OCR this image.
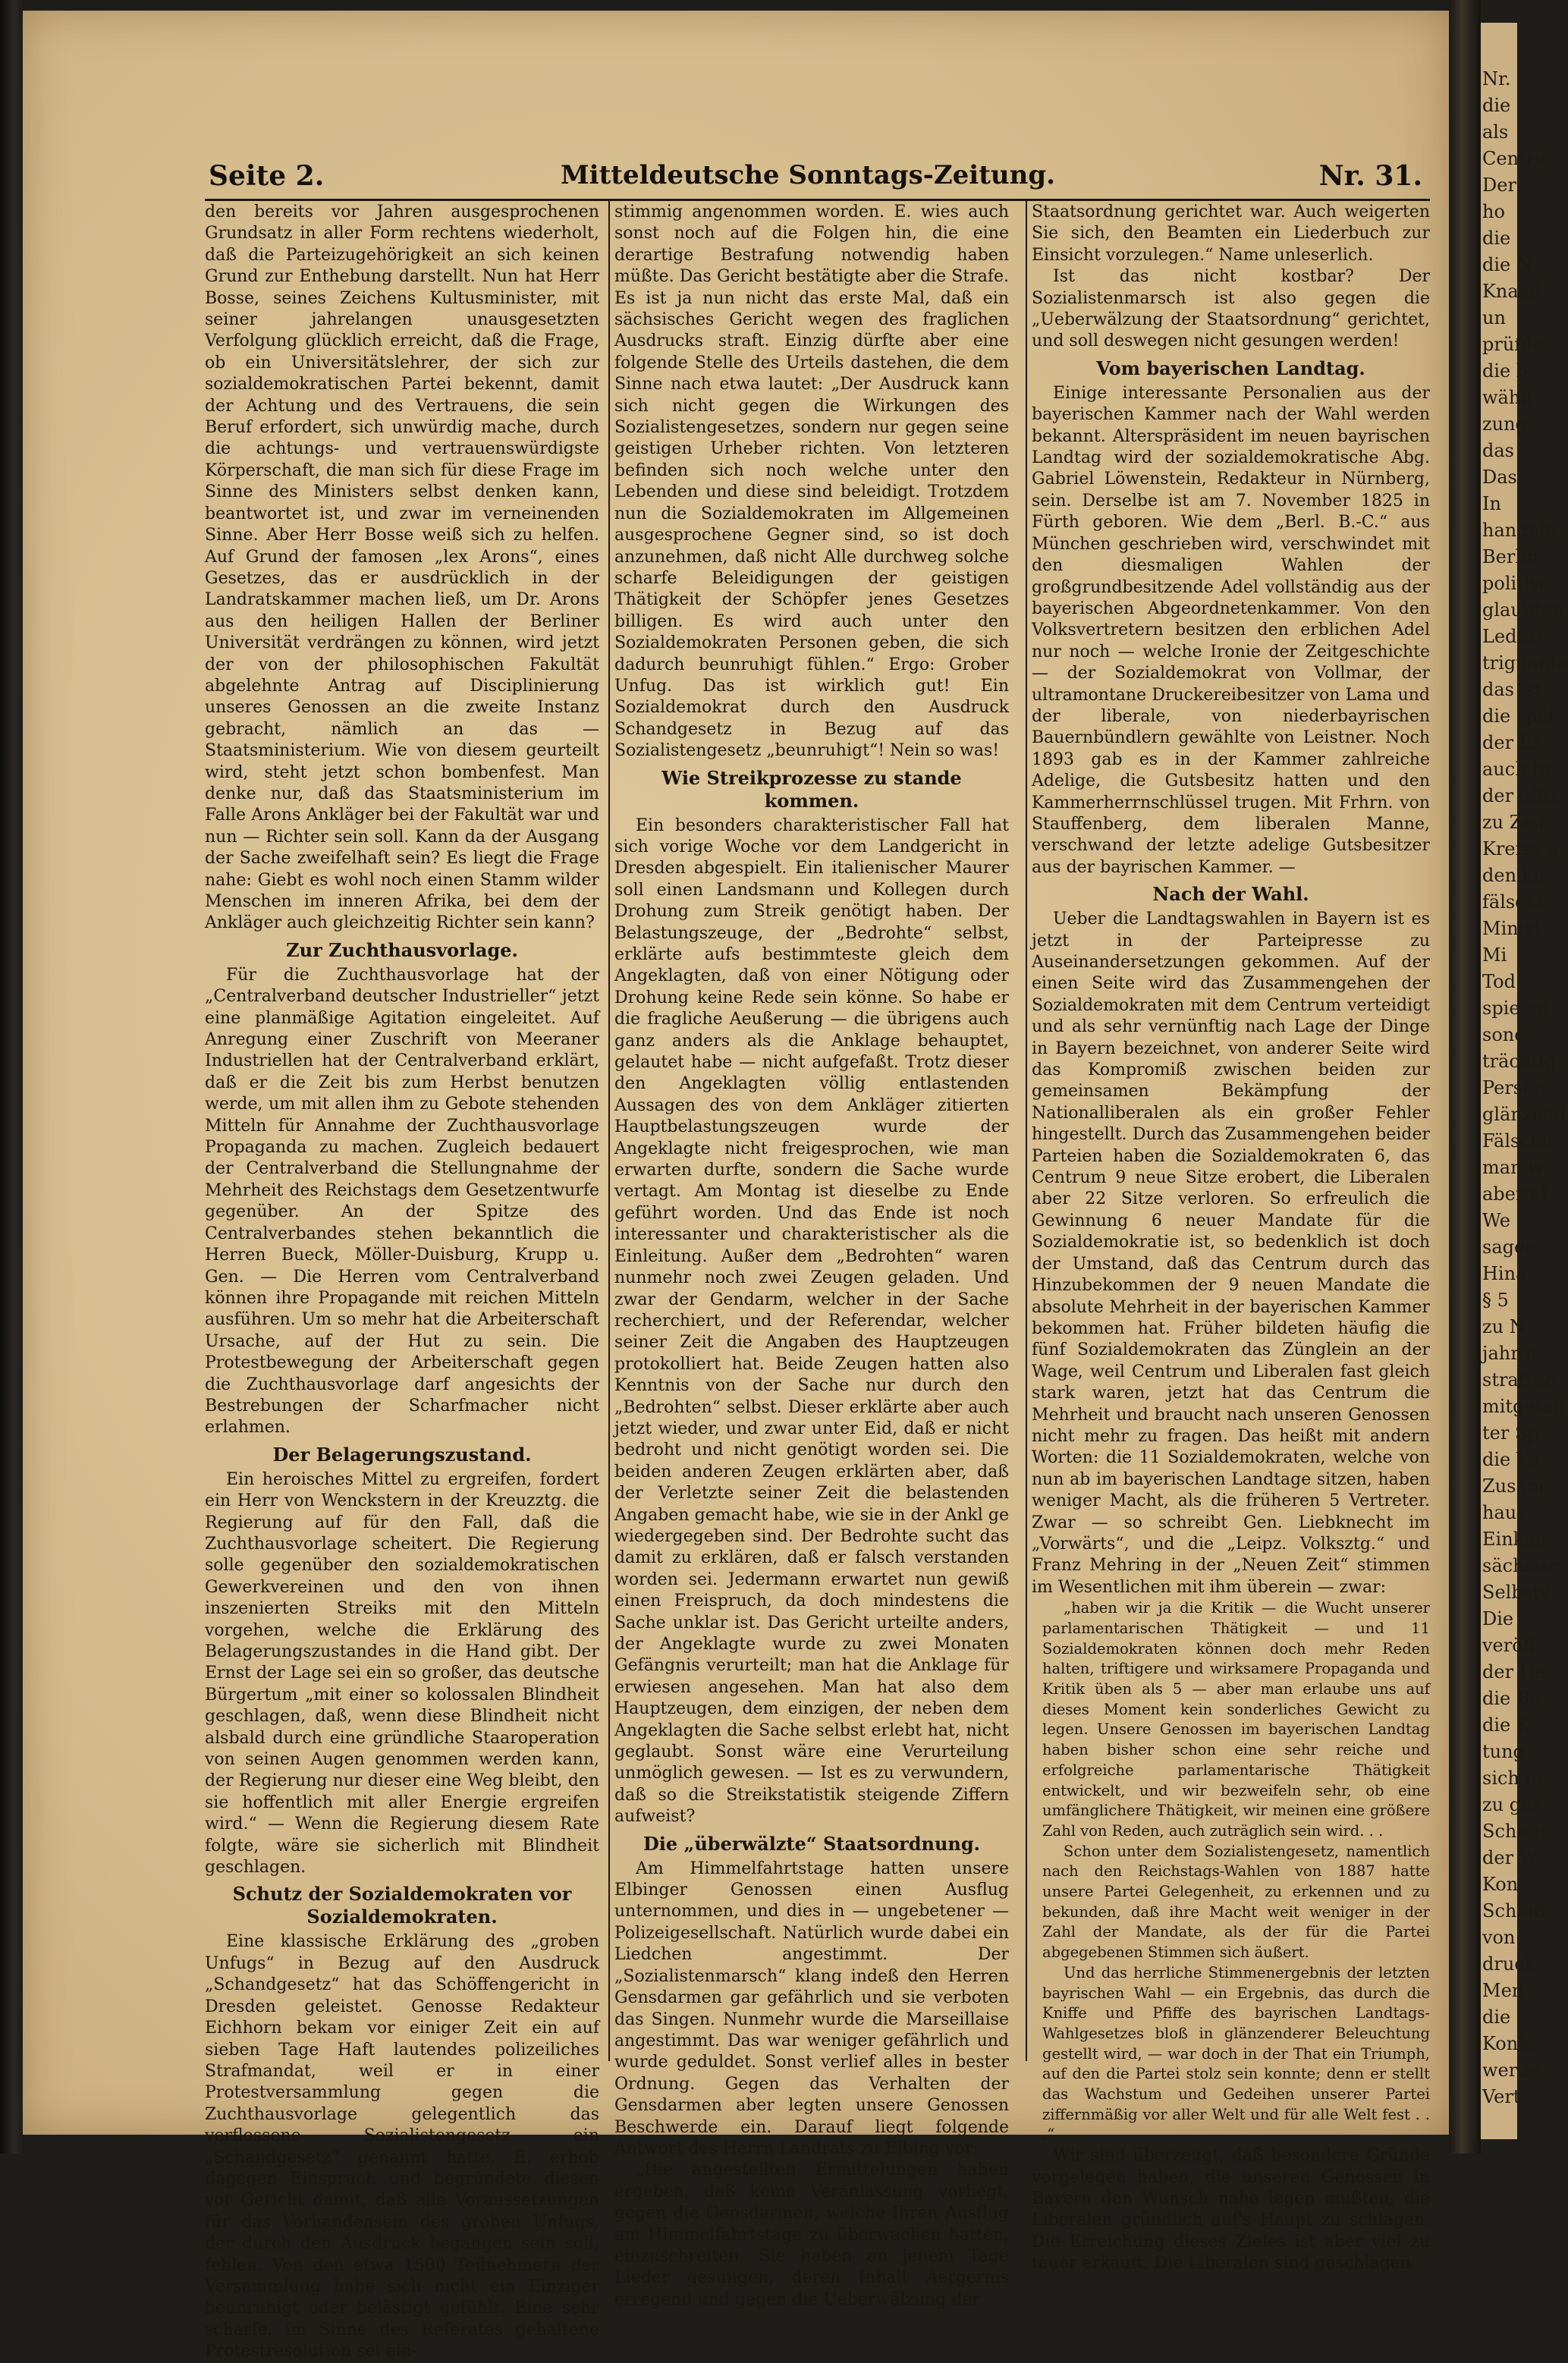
Seite 2.	Mitteldeutsche Sonntags-Zeitung.	Nr. 31.

den bereits vor Jahren ausgesprochenen Grundsatz in aller Form rechtens wiederholt, daß die Parteizugehörigkeit an sich keinen Grund zur Enthebung darstellt. Nun hat Herr Bosse, seines Zeichens Kultusminister, mit seiner jahrelangen unausgesetzten Verfolgung glücklich erreicht, daß die Frage, ob ein Universitätslehrer, der sich zur sozialdemokratischen Partei bekennt, damit der Achtung und des Vertrauens, die sein Beruf erfordert, sich unwürdig mache, durch die achtungs- und vertrauenswürdigste Körperschaft, die man sich für diese Frage im Sinne des Ministers selbst denken kann, beantwortet ist, und zwar im verneinenden Sinne. Aber Herr Bosse weiß sich zu helfen. Auf Grund der famosen „lex Arons“, eines Gesetzes, das er ausdrücklich in der Landratskammer machen ließ, um Dr. Arons aus den heiligen Hallen der Berliner Universität verdrängen zu können, wird jetzt der von der philosophischen Fakultät abgelehnte Antrag auf Disciplinierung unseres Genossen an die zweite Instanz gebracht, nämlich an das — Staatsministerium. Wie von diesem geurteilt wird, steht jetzt schon bombenfest. Man denke nur, daß das Staatsministerium im Falle Arons Ankläger bei der Fakultät war und nun — Richter sein soll. Kann da der Ausgang der Sache zweifelhaft sein? Es liegt die Frage nahe: Giebt es wohl noch einen Stamm wilder Menschen im inneren Afrika, bei dem der Ankläger auch gleichzeitig Richter sein kann?

Zur Zuchthausvorlage.

Für die Zuchthausvorlage hat der „Centralverband deutscher Industrieller“ jetzt eine planmäßige Agitation eingeleitet. Auf Anregung einer Zuschrift von Meeraner Industriellen hat der Centralverband erklärt, daß er die Zeit bis zum Herbst benutzen werde, um mit allen ihm zu Gebote stehenden Mitteln für Annahme der Zuchthausvorlage Propaganda zu machen. Zugleich bedauert der Centralverband die Stellungnahme der Mehrheit des Reichstags dem Gesetzentwurfe gegenüber. An der Spitze des Centralverbandes stehen bekanntlich die Herren Bueck, Möller-Duisburg, Krupp u. Gen. — Die Herren vom Centralverband können ihre Propagande mit reichen Mitteln ausführen. Um so mehr hat die Arbeiterschaft Ursache, auf der Hut zu sein. Die Protestbewegung der Arbeiterschaft gegen die Zuchthausvorlage darf angesichts der Bestrebungen der Scharfmacher nicht erlahmen.

Der Belagerungszustand.

Ein heroisches Mittel zu ergreifen, fordert ein Herr von Wenckstern in der Kreuzztg. die Regierung auf für den Fall, daß die Zuchthausvorlage scheitert. Die Regierung solle gegenüber den sozialdemokratischen Gewerkvereinen und den von ihnen inszenierten Streiks mit den Mitteln vorgehen, welche die Erklärung des Belagerungszustandes in die Hand gibt. Der Ernst der Lage sei ein so großer, das deutsche Bürgertum „mit einer so kolossalen Blindheit geschlagen, daß, wenn diese Blindheit nicht alsbald durch eine gründliche Staaroperation von seinen Augen genommen werden kann, der Regierung nur dieser eine Weg bleibt, den sie hoffentlich mit aller Energie ergreifen wird.“ — Wenn die Regierung diesem Rate folgte, wäre sie sicherlich mit Blindheit geschlagen.

Schutz der Sozialdemokraten vor Sozialdemokraten.

Eine klassische Erklärung des „groben Unfugs“ in Bezug auf den Ausdruck „Schandgesetz“ hat das Schöffengericht in Dresden geleistet. Genosse Redakteur Eichhorn bekam vor einiger Zeit ein auf sieben Tage Haft lautendes polizeiliches Strafmandat, weil er in einer Protestversammlung gegen die Zuchthausvorlage gelegentlich das verflossene Sozialistengesetz ein „Schandgesetz“ genannt hatte. E. erhob dagegen Einspruch und begründete diesen vor Gericht damit, daß alle Voraussetzungen für das Vorhandensein des groben Unfugs, der durch den Ausdruck begangen sein soll, fehlen. Von den etwa 1500 Teilnehmern der Versammlung habe sich nicht ein Einziger beunruhigt oder belästigt gefühlt. Eine sehr scharfe, im Sinne des Referates gehaltene Protestresolution sei ein-

stimmig angenommen worden. E. wies auch sonst noch auf die Folgen hin, die eine derartige Bestrafung notwendig haben müßte. Das Gericht bestätigte aber die Strafe. Es ist ja nun nicht das erste Mal, daß ein sächsisches Gericht wegen des fraglichen Ausdrucks straft. Einzig dürfte aber eine folgende Stelle des Urteils dastehen, die dem Sinne nach etwa lautet: „Der Ausdruck kann sich nicht gegen die Wirkungen des Sozialistengesetzes, sondern nur gegen seine geistigen Urheber richten. Von letzteren befinden sich noch welche unter den Lebenden und diese sind beleidigt. Trotzdem nun die Sozialdemokraten im Allgemeinen ausgesprochene Gegner sind, so ist doch anzunehmen, daß nicht Alle durchweg solche scharfe Beleidigungen der geistigen Thätigkeit der Schöpfer jenes Gesetzes billigen. Es wird auch unter den Sozialdemokraten Personen geben, die sich dadurch beunruhigt fühlen.“ Ergo: Grober Unfug. Das ist wirklich gut! Ein Sozialdemokrat durch den Ausdruck Schandgesetz in Bezug auf das Sozialistengesetz „beunruhigt“! Nein so was!

Wie Streikprozesse zu stande kommen.

Ein besonders charakteristischer Fall hat sich vorige Woche vor dem Landgericht in Dresden abgespielt. Ein italienischer Maurer soll einen Landsmann und Kollegen durch Drohung zum Streik genötigt haben. Der Belastungszeuge, der „Bedrohte“ selbst, erklärte aufs bestimmteste gleich dem Angeklagten, daß von einer Nötigung oder Drohung keine Rede sein könne. So habe er die fragliche Aeußerung — die übrigens auch ganz anders als die Anklage behauptet, gelautet habe — nicht aufgefaßt. Trotz dieser den Angeklagten völlig entlastenden Aussagen des von dem Ankläger zitierten Hauptbelastungszeugen wurde der Angeklagte nicht freigesprochen, wie man erwarten durfte, sondern die Sache wurde vertagt. Am Montag ist dieselbe zu Ende geführt worden. Und das Ende ist noch interessanter und charakteristischer als die Einleitung. Außer dem „Bedrohten“ waren nunmehr noch zwei Zeugen geladen. Und zwar der Gendarm, welcher in der Sache recherchiert, und der Referendar, welcher seiner Zeit die Angaben des Hauptzeugen protokolliert hat. Beide Zeugen hatten also Kenntnis von der Sache nur durch den „Bedrohten“ selbst. Dieser erklärte aber auch jetzt wieder, und zwar unter Eid, daß er nicht bedroht und nicht genötigt worden sei. Die beiden anderen Zeugen erklärten aber, daß der Verletzte seiner Zeit die belastenden Angaben gemacht habe, wie sie in der Ankl ge wiedergegeben sind. Der Bedrohte sucht das damit zu erklären, daß er falsch verstanden worden sei. Jedermann erwartet nun gewiß einen Freispruch, da doch mindestens die Sache unklar ist. Das Gericht urteilte anders, der Angeklagte wurde zu zwei Monaten Gefängnis verurteilt; man hat die Anklage für erwiesen angesehen. Man hat also dem Hauptzeugen, dem einzigen, der neben dem Angeklagten die Sache selbst erlebt hat, nicht geglaubt. Sonst wäre eine Verurteilung unmöglich gewesen. — Ist es zu verwundern, daß so die Streikstatistik steigende Ziffern aufweist?

Die „überwälzte“ Staatsordnung.

Am Himmelfahrtstage hatten unsere Elbinger Genossen einen Ausflug unternommen, und dies in — ungebetener — Polizeigesellschaft. Natürlich wurde dabei ein Liedchen angestimmt. Der „Sozialistenmarsch“ klang indeß den Herren Gensdarmen gar gefährlich und sie verboten das Singen. Nunmehr wurde die Marseillaise angestimmt. Das war weniger gefährlich und wurde geduldet. Sonst verlief alles in bester Ordnung. Gegen das Verhalten der Gensdarmen aber legten unsere Genossen Beschwerde ein. Darauf liegt folgende Antwort des Herrn Landrats zu Elbing vor:

„Die angestellten Ermittelungen haben ergeben, daß keine Veranlassung vorliegt, gegen die Gensdarmen, welche Ihren Ausflug am Himmelfahrtstage zu überwachen hatten, einzuschreiten. Sie haben an jenem Tage Lieder gesungen, deren Inhalt Aergernis erregend und gegen die Ueberwälzung der

Staatsordnung gerichtet war. Auch weigerten Sie sich, den Beamten ein Liederbuch zur Einsicht vorzulegen.“ Name unleserlich.

Ist das nicht kostbar? Der Sozialistenmarsch ist also gegen die „Ueberwälzung der Staatsordnung“ gerichtet, und soll deswegen nicht gesungen werden!

Vom bayerischen Landtag.

Einige interessante Personalien aus der bayerischen Kammer nach der Wahl werden bekannt. Alterspräsident im neuen bayrischen Landtag wird der sozialdemokratische Abg. Gabriel Löwenstein, Redakteur in Nürnberg, sein. Derselbe ist am 7. November 1825 in Fürth geboren. Wie dem „Berl. B.-C.“ aus München geschrieben wird, verschwindet mit den diesmaligen Wahlen der großgrundbesitzende Adel vollständig aus der bayerischen Abgeordnetenkammer. Von den Volksvertretern besitzen den erblichen Adel nur noch — welche Ironie der Zeitgeschichte — der Sozialdemokrat von Vollmar, der ultramontane Druckereibesitzer von Lama und der liberale, von niederbayrischen Bauernbündlern gewählte von Leistner. Noch 1893 gab es in der Kammer zahlreiche Adelige, die Gutsbesitz hatten und den Kammerherrnschlüssel trugen. Mit Frhrn. von Stauffenberg, dem liberalen Manne, verschwand der letzte adelige Gutsbesitzer aus der bayrischen Kammer. —

Nach der Wahl.

Ueber die Landtagswahlen in Bayern ist es jetzt in der Parteipresse zu Auseinandersetzungen gekommen. Auf der einen Seite wird das Zusammengehen der Sozialdemokraten mit dem Centrum verteidigt und als sehr vernünftig nach Lage der Dinge in Bayern bezeichnet, von anderer Seite wird das Kompromiß zwischen beiden zur gemeinsamen Bekämpfung der Nationalliberalen als ein großer Fehler hingestellt. Durch das Zusammengehen beider Parteien haben die Sozialdemokraten 6, das Centrum 9 neue Sitze erobert, die Liberalen aber 22 Sitze verloren. So erfreulich die Gewinnung 6 neuer Mandate für die Sozialdemokratie ist, so bedenklich ist doch der Umstand, daß das Centrum durch das Hinzubekommen der 9 neuen Mandate die absolute Mehrheit in der bayerischen Kammer bekommen hat. Früher bildeten häufig die fünf Sozialdemokraten das Zünglein an der Wage, weil Centrum und Liberalen fast gleich stark waren, jetzt hat das Centrum die Mehrheit und braucht nach unseren Genossen nicht mehr zu fragen. Das heißt mit andern Worten: die 11 Sozialdemokraten, welche von nun ab im bayerischen Landtage sitzen, haben weniger Macht, als die früheren 5 Vertreter. Zwar — so schreibt Gen. Liebknecht im „Vorwärts“, und die „Leipz. Volksztg.“ und Franz Mehring in der „Neuen Zeit“ stimmen im Wesentlichen mit ihm überein — zwar:

„haben wir ja die Kritik — die Wucht unserer parlamentarischen Thätigkeit — und 11 Sozialdemokraten können doch mehr Reden halten, triftigere und wirksamere Propaganda und Kritik üben als 5 — aber man erlaube uns auf dieses Moment kein sonderliches Gewicht zu legen. Unsere Genossen im bayerischen Landtag haben bisher schon eine sehr reiche und erfolgreiche parlamentarische Thätigkeit entwickelt, und wir bezweifeln sehr, ob eine umfänglichere Thätigkeit, wir meinen eine größere Zahl von Reden, auch zuträglich sein wird. . .

Schon unter dem Sozialistengesetz, namentlich nach den Reichstags-Wahlen von 1887 hatte unsere Partei Gelegenheit, zu erkennen und zu bekunden, daß ihre Macht weit weniger in der Zahl der Mandate, als der für die Partei abgegebenen Stimmen sich äußert.

Und das herrliche Stimmenergebnis der letzten bayrischen Wahl — ein Ergebnis, das durch die Kniffe und Pfiffe des bayrischen Landtags-Wahlgesetzes bloß in glänzenderer Beleuchtung gestellt wird, — war doch in der That ein Triumph, auf den die Partei stolz sein konnte; denn er stellt das Wachstum und Gedeihen unserer Partei ziffernmäßig vor aller Welt und für alle Welt fest . . .“

Wir sind überzeugt, daß besondere Gründe vorgelegen haben, die unseren Genossen in Bayern den Wunsch nahe legen mußten, die Liberalen gründlich auf's Haupt zu schlagen. Die Erreichung dieses Zieles ist aber viel zu teuer erkauft. Die Liberalen sind geschlagen,

Nr.
die
als
Centru
Der
ho
die
die N
Knaad
un
prüfde
die b
wähn
zung
das
Das
In
handeln
Berlin
politisc
glaubten
Lederl
triguante
das ist
die spät
der Er
auch in
der offiz
zu Zeit
Kreise e
den ku
fälscht
Minist
Mi
Tod
spielen
sonen
trächtig
Persön
glänzend
Fälschu
man w
aber al
We
sagen,
Hina
§ 5
zu N
jahr n
strafrec
mitgeteil
ter Sp
die Ve
Zusam
haus
Einkau
sächsisc
Selbstv
Die
veröff
der Ha
die Be
die K
tung
sich in
zu ges
Schieb
der W
Kon
Schloß
von
druck
Men
die
Konfe
werde
Vert
